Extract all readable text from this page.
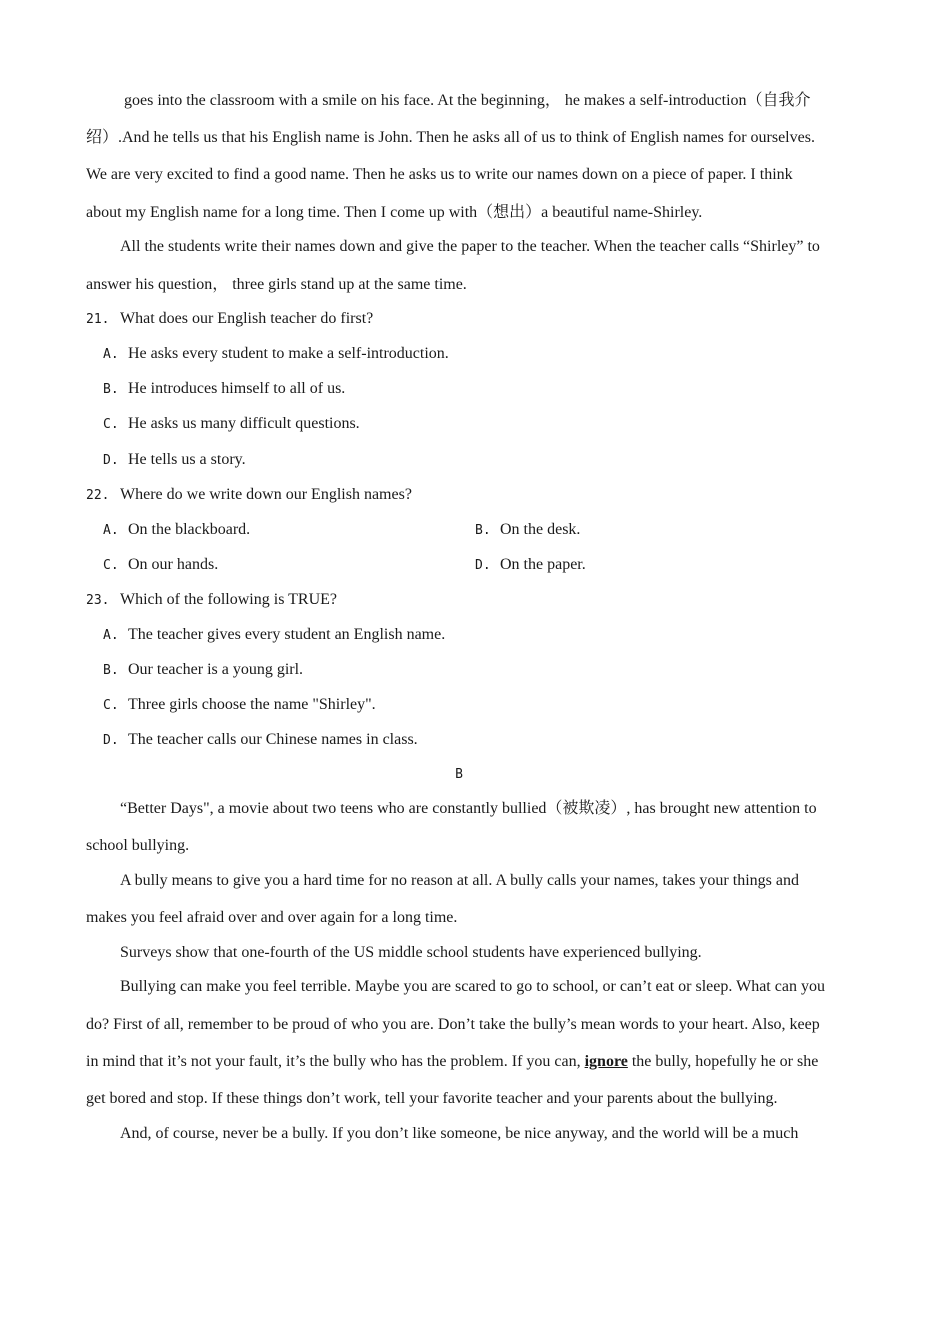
goes into the classroom with a smile on his face. At the beginning， he makes a self-introduction（自我介
绍）.And he tells us that his English name is John. Then he asks all of us to think of English names for ourselves.
We are very excited to find a good name. Then he asks us to write our names down on a piece of paper. I think
about my English name for a long time. Then I come up with（想出）a beautiful name-Shirley.
All the students write their names down and give the paper to the teacher. When the teacher calls “Shirley” to
answer his question， three girls stand up at the same time.
21. What does our English teacher do first?
A. He asks every student to make a self-introduction.
B. He introduces himself to all of us.
C. He asks us many difficult questions.
D. He tells us a story.
22. Where do we write down our English names?
A. On the blackboard.	B. On the desk.
C. On our hands.	D. On the paper.
23. Which of the following is TRUE?
A. The teacher gives every student an English name.
B. Our teacher is a young girl.
C. Three girls choose the name "Shirley".
D. The teacher calls our Chinese names in class.
B
“Better Days", a movie about two teens who are constantly bullied（被欺凌）, has brought new attention to
school bullying.
A bully means to give you a hard time for no reason at all. A bully calls your names, takes your things and
makes you feel afraid over and over again for a long time.
Surveys show that one-fourth of the US middle school students have experienced bullying.
Bullying can make you feel terrible. Maybe you are scared to go to school, or can’t eat or sleep. What can you
do? First of all, remember to be proud of who you are. Don’t take the bully’s mean words to your heart. Also, keep
in mind that it’s not your fault, it’s the bully who has the problem. If you can, ignore the bully, hopefully he or she
get bored and stop. If these things don’t work, tell your favorite teacher and your parents about the bullying.
And, of course, never be a bully. If you don’t like someone, be nice anyway, and the world will be a much
